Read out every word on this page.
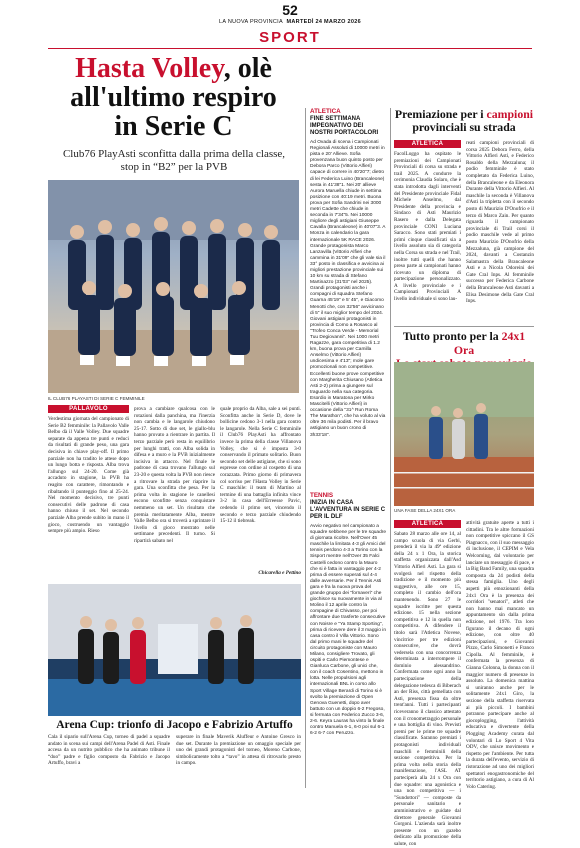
52
LA NUOVA PROVINCIA MARTEDÌ 24 MARZO 2026
SPORT
Hasta Volley, olè
all'ultimo respiro
in Serie C
Club76 PlayAsti sconfitta dalla prima della classe, stop in “B2” per la PVB
IL CLUB76 PLAYASTI DI SERIE C FEMMINILE
PALLAVOLO
Verdestima giornata del campionato di Serie B2 femminile: la Pallavolo Valle Belbo dà il Valle Volley. Due squadre separate da appena tre punti e reduci da risultati di grande peso, una gara decisiva in chiave play-off. Il primo parziale non ha tradito le attese dopo un lungo botta e risposta. Alba trova l'allungo sul 24-20. Come già accaduto in stagione, la PVB ha reagito con carattere, rimontando e ribaltando il punteggio fino al 25-24. Nel momento decisivo, tre punti consecutivi delle padrone di casa hanno chiuso il set. Nel secondo parziale Alba prende subito in mano il gioco, costruendo un vantaggio sempre più ampio. Rieso
prova a cambiare qualcosa con le rotazioni dalla panchina, ma l'inerzia non cambia e le langarole chiudono 25-17. Sotto di due set, le giallo-blu hanno provato a rientrare in partita. Il terzo parziale però resta in equilibrio per lunghi tratti, con Alba solida in difesa e a muro e la PVB inizialmente incisiva in attacco. Nel finale le padrone di casa trovano l'allungo sul 23-20 e questa volta la PVB non riesce a ritrovare la strada per riaprire la gara. Una sconfitta che pesa. Per la prima volta in stagione le canellesi escono sconfitte senza conquistare nemmeno un set. Un risultato che premia meritatamente Alba, mentre Valle Belbo ora si troverà a sprintare il livello di gioco mostrato nelle settimane precedenti. Il turno. Si ripartirà sabato nel
quale proprio da Alba, sale a sei punti. Sconfitta anche in Serie D, dove le bollicine cedono 3-1 nella gara contro le langarole. Nella Serie C femminile il Club76 PlayAsti ha affrontato invece la prima della classe Villanova Volley, che si è imposta 3-0 conservando il primato solitario. Buon secondo set delle astigiane, che si sono espresse con ordine al cospetto di una corazzata. Primo giorno di primavera col sorriso per l'Hasta Volley in Serie C maschile: il team di Martino al termine di una battaglia infinita vince 3-2 in casa dell'Erreesse Pavic, cedendo il primo set, vincendo il secondo e terzo parziale chiudendo 15-12 il tiebreak.
Chicarella e Pettino
Arena Cup: trionfo di Jacopo e Fabrizio Artuffo
Cala il sipario sull'Arena Cup, torneo di padel a squadre andato in scena sui campi dell'Arena Padel di Asti. Finale accesa da un nutrito pubblico che ha animato tribune il “duo” padre e figlio composto da Fabrizio e Jacopo Artuffo, bravi a
superare in finale Maverik Aluffeur e Antoine Gresco in due set. Durante la premiazione un omaggio speciale per uno dei grandi protagonisti del torneo, Moreno Carbone, simbolicamente tolto a “tavo” in attesa di ritrovarlo presto in campo.
ATLETICA
FINE SETTIMANA IMPEGNATIVO DEI NOSTRI PORTACOLORI
Ad Ovada di scena i Campionati Regionali Assoluti di 10000 metri in pista e 20' Allieve. Sofia provenzana buon quinto posto per Debora Parco (Vittorio Alfieri) capace di correre in 40'20"7; dietro di lei Federica Luino (Brancaleone) sesta in 41'38"1. Nei 20' allieve Aurora Maruella chiude in settima posizione con 40:19 metri. Buona prova per Sofia Sandrini nei 3000 metri Cadette che chiude in seconda in 7'34"5. Nei 10000 migliore degli astigiani Giuseppe Cavalla (Brancaleone) in 40'07"3. A Monza in calendario la gara internazionale 5K RACE 2026. Grande protagonista Marco Lanzavilla (Vittorio Alfieri che cammina in 31'09" che gli vale sia il 33° posto in classifica e avvicina ai migliori prestazione provinciale sui 10 km su strada di Stefano Martinazzo (31'03" nel 2025). Grandi protagonisti anche i compagni di squadra Stefano Guarna 45'19" e 5' 45", e Giacomo Menotti che, con 32'56" avvicinano di 5" il suo miglior tempo del 2024. Giovani astigiani protagonisti in provincia di Como a Rosasco al "Trofeo Conca Verde - Memorial Tuu Degiovanni". Nei 1000 metri Ragazze, gara competitiva di 1.2 km, buona prova per Camilla Anselmo (Vittorio Alfieri) undicesima e 4'13"; mole gare promozionali non competitive. Eccellenti buone prove competitive con Margherita Chiusano (Atletica Asti 2-2) prima a giungere sul traguardo nella sua categoria. Esordio in Maratona per Mirko Mascitelli (Vittorio Alfieri) in occasione della "31^ Run Roma The Marathon", che ha voluto al via oltre 36 mila podisti. Per il bravo astigiano un buon crono di 3h33'18".
TENNIS
INIZIA IN CASA L'AVVENTURA IN SERIE C PER IL DLF
Avvio negativo nel campionato a squadre sebbene per le tre squadre di giornata ricoltre. Nell'Over 45 maschile la limitata 4-3 gli Amici del tennis perdono 4-3 a Torino con la Sisport mentre nell'Over 35 Falci Castelli cedono contro la Mauro che si è fatta in vantaggio per 4-2 prima di essere superati sul 4-4 dalle avversarie. Per il Tennis Asti gara e fra la nuova prova del grande gruppo dei "fornaveri" che giochisce su nuovamente in via al Molino il 12 aprile contro la compagine di Chivasso, per poi affrontare due trasferte consecutive con Noisre e "Ya Stamp Sporting", prima di ricevere dere il 3 maggio in casa contro il Villa Vittorio. Sono dal primo mani le squadre del circuito protagoniste con Mauro Milano, consigliere Trovato, gli ospiti e Carlo Piemontese e Gianluca Carbone, gli unici che, con il coach Cosentino, mettono in lotta. Nelle propulsioni agli internazionali BNL in corso allo Sport Village Berardi di Torino si è svolto la premiazione di Open Genova Guenetti, dopo aver battuto con un doppio 6-2 Fregoso, si fermata con Federico Zucco 3-6, 2-6. Keyra Lauras ha vinto la finale contro Manuela 6-1, 6-0 poi sul 6-1 6-2 6-7 con Peruzzo.
Premiazione per i campioni
provinciali su strada
ATLETICA
FacolLoggo ha ospitato le premiazioni dei Campionati Provinciali di corsa su strada e trail 2025. A condurre la cerimonia Claudia Solaro, che è stata introdotta dagli interventi del Presidente provinciale Fidal Michele Anselmo, dal Presidente della provincia e Sindaco di Asti Maurizio Rasero e dalla Delegata provinciale CONI Luciana Saracco. Sono stati premiati i primi cinque classificati sia a livello assoluto sia di categoria nella Corsa su strada e nel Trail, inoltre tutti quelli che hanno preso parte ai campionati hanno ricevuto un diploma di partecipazione personalizzato. A livello provinciale e i Campionati Provinciali A livello individuale si sono lau-
reati campioni provinciali di corsa 2025 Debora Ferro, della Vittorio Alfieri Asti, e Federico Rosaldo della Mezzaluna; il podio femminile è stato completato da Federica Luino, della Brancaleone e da Eleonora Durante della Vittorio Alfieri. Al maschile la seconda è Villanova d'Asti la tripletta con il secondo posto di Maurizio D'Onofrio e il terzo di Marco Zain. Per quanto riguarda il campionato provinciale di Trail corsi il podio maschile vede al primo posto Maurizio D'Onofrio della Mezzaluna, già campione del 2024, davanti a Costanzin Salamastra della Brancaleone Asti e a Nicola Odoreini dei Gate Cral Inps. Al femminile successo per Federica Carbone della Brancaleone Asti davanti a Elisa Desimone della Gate Cral Inps.
Tutto pronto per la 24x1 Ora
UNA FASE DELLA 24X1 ORA
ATLETICA
Sabato 28 marzo alle ore 14, al campo scuola di via Gerbi, prenderà il via la 49ª edizione della 24 x 1 Ora, la storica staffetta organizzata dall'Asd Vittorio Alfieri Asti. La gara si svolgerà nel rispetto della tradizione e il momento più suggestivo, alle ore 15, completo il cambio dell'ora mantenendo. Sono 27 le squadre iscritte per questa edizione. 15 nella sezione competitiva e 12 in quella non competitiva. A difendere il titolo sarà l'Atletica Novese, vincitrice per tre edizioni consecutive, che dovrà vedersela con una concorrenza determinata a interrompere il dominio alessandrino. Confermata come ogni anno la partecipazione della delegazione tedesca di Biberach an der Riss, città gemellata con Asti, presenza fissa da oltre trent'anni. Tutti i partecipanti riceveranno il classico attestato con il cronometraggio personale e una bottiglia di vino. Previsti premi per le prime tre squadre classificate. Saranno premiati i protagonisti individuali maschili e femminili della sezione competitiva. Per la prima volta nella storia della manifestazione, l'ASL AT parteciperà alla 24 x Ora con due squadre: una agonistica e una non competitiva — i "Sundottori" — composte da personale sanitario e amministrativo e guidate dal direttore generale Giovanni Gorgoni. L'azienda sarà inoltre presente con un gazebo dedicato alla promozione della salute, con
attività gratuite aperte a tutti i cittadini. Tra le altre formazioni non competitive spiccano il GS Piagnacco, con il suo messaggio di inclusione, il CEPIM e Vela Welcoming, dal volontario per lanciare un messaggio di pace, e la Big Band Family, una squadra composta da 24 podisti della stessa famiglia. Uno degli aspetti più emozionanti della 24x1 Ora è la presenza dei corridori "senatori", atleti che non hanno mai mancato un appuntamento sin dalla prima edizione, nel 1976. Tra loro figurano il decano di ogni edizione, con oltre 40 partecipazioni, e Giovanni Pizzo, Carlo Simonetti e Franco Cipolla. Al femminile, è confermata la presenza di Gianna Colonna, la donna con il maggior numero di presenze in assoluto. La domenica mattina si uniranno anche per le solitamente 24x1 Giro, la sezione della staffetta riservata ai più piccoli. I bambini potranno partecipare anche al giocoplogging, l'attività educativa e divertente della Plogging Academy curata dal volontari di Lo Sport 4 Vita ODV, che unisce movimento e rispetto per l'ambiente. Per tutta la durata dell'evento, servizio di ristorazione ad uno dei migliori spettatori enogastronomiche del territorio astigiano, a cura di Al Volo Catering.
